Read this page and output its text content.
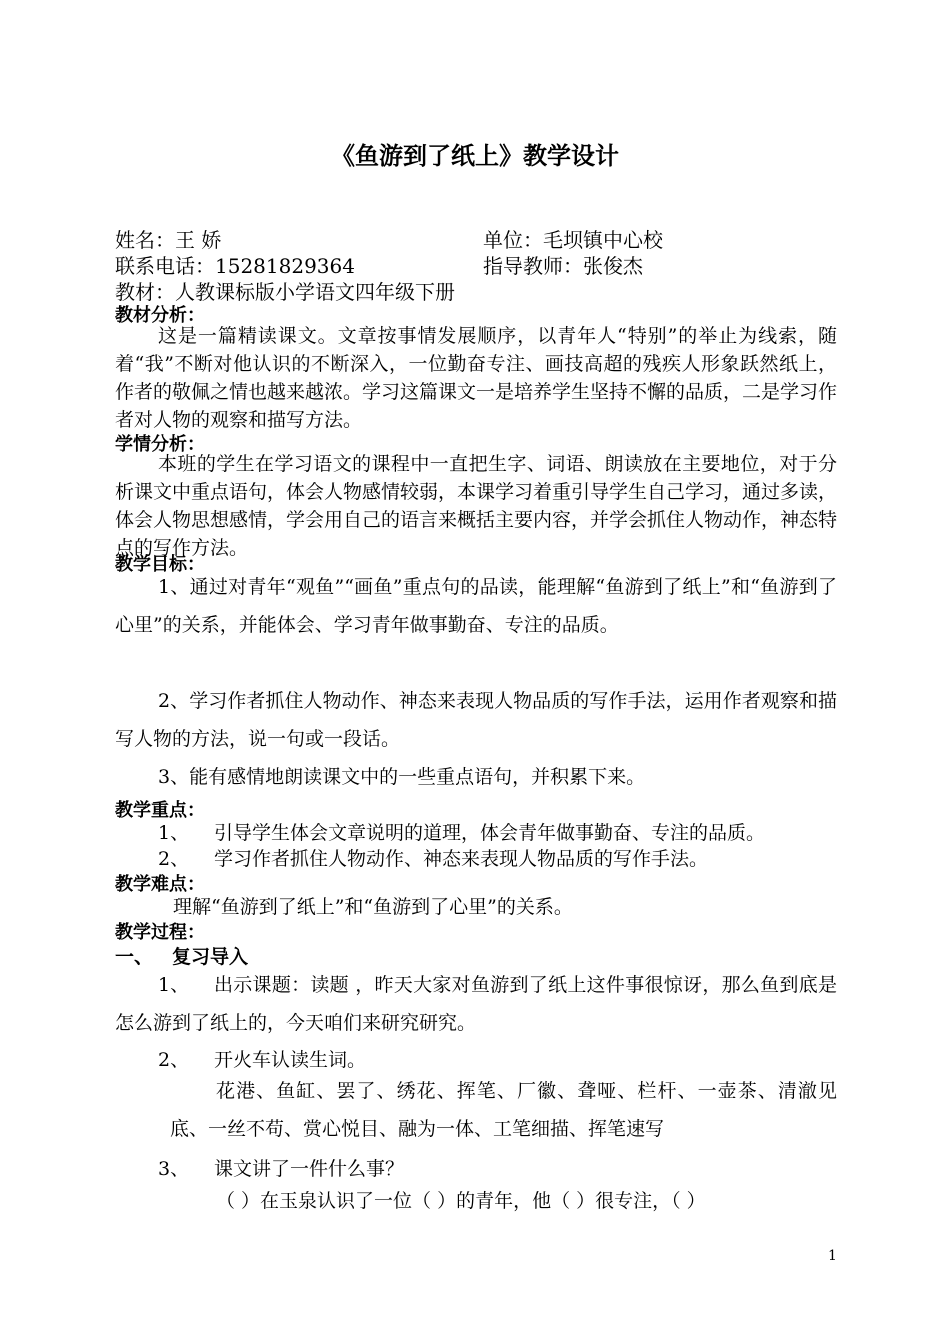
《鱼游到了纸上》教学设计
姓名：王 娇	单位：毛坝镇中心校
联系电话：15281829364	指导教师：张俊杰
教材：人教课标版小学语文四年级下册
教材分析：
这是一篇精读课文。文章按事情发展顺序，以青年人“特别”的举止为线索，随着“我”不断对他认识的不断深入，一位勤奋专注、画技高超的残疾人形象跃然纸上，作者的敬佩之情也越来越浓。学习这篇课文一是培养学生坚持不懈的品质，二是学习作者对人物的观察和描写方法。
学情分析：
本班的学生在学习语文的课程中一直把生字、词语、朗读放在主要地位，对于分析课文中重点语句，体会人物感情较弱，本课学习着重引导学生自己学习，通过多读，体会人物思想感情，学会用自己的语言来概括主要内容，并学会抓住人物动作，神态特点的写作方法。
教学目标：
1、通过对青年“观鱼”“画鱼”重点句的品读，能理解“鱼游到了纸上”和“鱼游到了心里”的关系，并能体会、学习青年做事勤奋、专注的品质。
2、学习作者抓住人物动作、神态来表现人物品质的写作手法，运用作者观察和描写人物的方法，说一句或一段话。
3、能有感情地朗读课文中的一些重点语句，并积累下来。
教学重点：
1、 引导学生体会文章说明的道理，体会青年做事勤奋、专注的品质。
2、 学习作者抓住人物动作、神态来表现人物品质的写作手法。
教学难点：
理解“鱼游到了纸上”和“鱼游到了心里”的关系。
教学过程：
一、 复习导入
1、	出示课题：读题 ，昨天大家对鱼游到了纸上这件事很惊讶，那么鱼到底是怎么游到了纸上的，今天咱们来研究研究。
2、 开火车认读生词。
花港、鱼缸、罢了、绣花、挥笔、厂徽、聋哑、栏杆、一壶茶、清澈见底、一丝不苟、赏心悦目、融为一体、工笔细描、挥笔速写
3、 课文讲了一件什么事？
（ ）在玉泉认识了一位（ ）的青年，他（ ）很专注，（ ）
1
